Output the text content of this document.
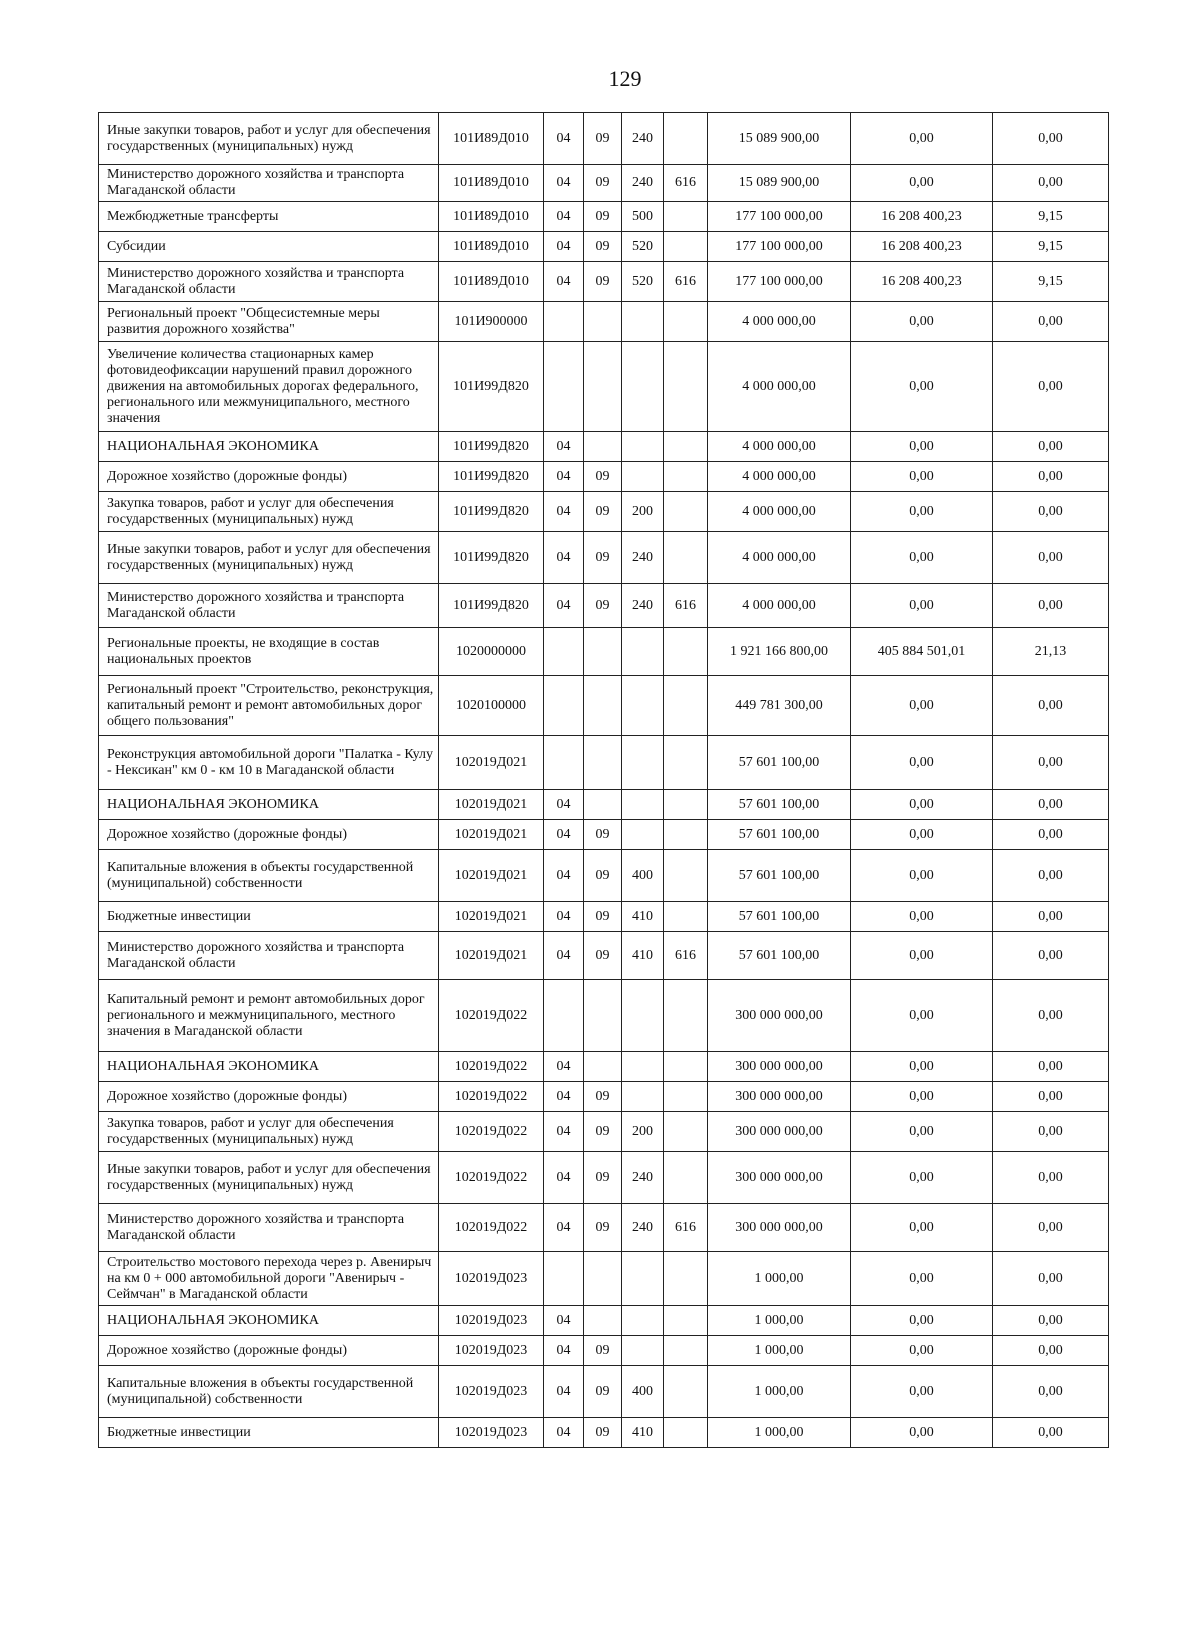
129
Иные закупки товаров, работ и услуг для обеспечения государственных (муниципальных) нужд	101И89Д010	04	09	240		15 089 900,00	0,00	0,00
Министерство дорожного хозяйства и транспорта Магаданской области	101И89Д010	04	09	240	616	15 089 900,00	0,00	0,00
Межбюджетные трансферты	101И89Д010	04	09	500		177 100 000,00	16 208 400,23	9,15
Субсидии	101И89Д010	04	09	520		177 100 000,00	16 208 400,23	9,15
Министерство дорожного хозяйства и транспорта Магаданской области	101И89Д010	04	09	520	616	177 100 000,00	16 208 400,23	9,15
Региональный проект "Общесистемные меры развития дорожного хозяйства"	101И900000					4 000 000,00	0,00	0,00
Увеличение количества стационарных камер фотовидеофиксации нарушений правил дорожного движения на автомобильных дорогах федерального, регионального или межмуниципального, местного значения	101И99Д820					4 000 000,00	0,00	0,00
НАЦИОНАЛЬНАЯ ЭКОНОМИКА	101И99Д820	04				4 000 000,00	0,00	0,00
Дорожное хозяйство (дорожные фонды)	101И99Д820	04	09			4 000 000,00	0,00	0,00
Закупка товаров, работ и услуг для обеспечения государственных (муниципальных) нужд	101И99Д820	04	09	200		4 000 000,00	0,00	0,00
Иные закупки товаров, работ и услуг для обеспечения государственных (муниципальных) нужд	101И99Д820	04	09	240		4 000 000,00	0,00	0,00
Министерство дорожного хозяйства и транспорта Магаданской области	101И99Д820	04	09	240	616	4 000 000,00	0,00	0,00
Региональные проекты, не входящие в состав национальных проектов	1020000000					1 921 166 800,00	405 884 501,01	21,13
Региональный проект "Строительство, реконструкция, капитальный ремонт и ремонт автомобильных дорог общего пользования"	1020100000					449 781 300,00	0,00	0,00
Реконструкция автомобильной дороги "Палатка - Кулу - Нексикан" км 0 - км 10 в Магаданской области	102019Д021					57 601 100,00	0,00	0,00
НАЦИОНАЛЬНАЯ ЭКОНОМИКА	102019Д021	04				57 601 100,00	0,00	0,00
Дорожное хозяйство (дорожные фонды)	102019Д021	04	09			57 601 100,00	0,00	0,00
Капитальные вложения в объекты государственной (муниципальной) собственности	102019Д021	04	09	400		57 601 100,00	0,00	0,00
Бюджетные инвестиции	102019Д021	04	09	410		57 601 100,00	0,00	0,00
Министерство дорожного хозяйства и транспорта Магаданской области	102019Д021	04	09	410	616	57 601 100,00	0,00	0,00
Капитальный ремонт и ремонт автомобильных дорог регионального и межмуниципального, местного значения в Магаданской области	102019Д022					300 000 000,00	0,00	0,00
НАЦИОНАЛЬНАЯ ЭКОНОМИКА	102019Д022	04				300 000 000,00	0,00	0,00
Дорожное хозяйство (дорожные фонды)	102019Д022	04	09			300 000 000,00	0,00	0,00
Закупка товаров, работ и услуг для обеспечения государственных (муниципальных) нужд	102019Д022	04	09	200		300 000 000,00	0,00	0,00
Иные закупки товаров, работ и услуг для обеспечения государственных (муниципальных) нужд	102019Д022	04	09	240		300 000 000,00	0,00	0,00
Министерство дорожного хозяйства и транспорта Магаданской области	102019Д022	04	09	240	616	300 000 000,00	0,00	0,00
Строительство мостового перехода через р. Авенирыч на км 0 + 000 автомобильной дороги "Авенирыч - Сеймчан" в Магаданской области	102019Д023					1 000,00	0,00	0,00
НАЦИОНАЛЬНАЯ ЭКОНОМИКА	102019Д023	04				1 000,00	0,00	0,00
Дорожное хозяйство (дорожные фонды)	102019Д023	04	09			1 000,00	0,00	0,00
Капитальные вложения в объекты государственной (муниципальной) собственности	102019Д023	04	09	400		1 000,00	0,00	0,00
Бюджетные инвестиции	102019Д023	04	09	410		1 000,00	0,00	0,00
